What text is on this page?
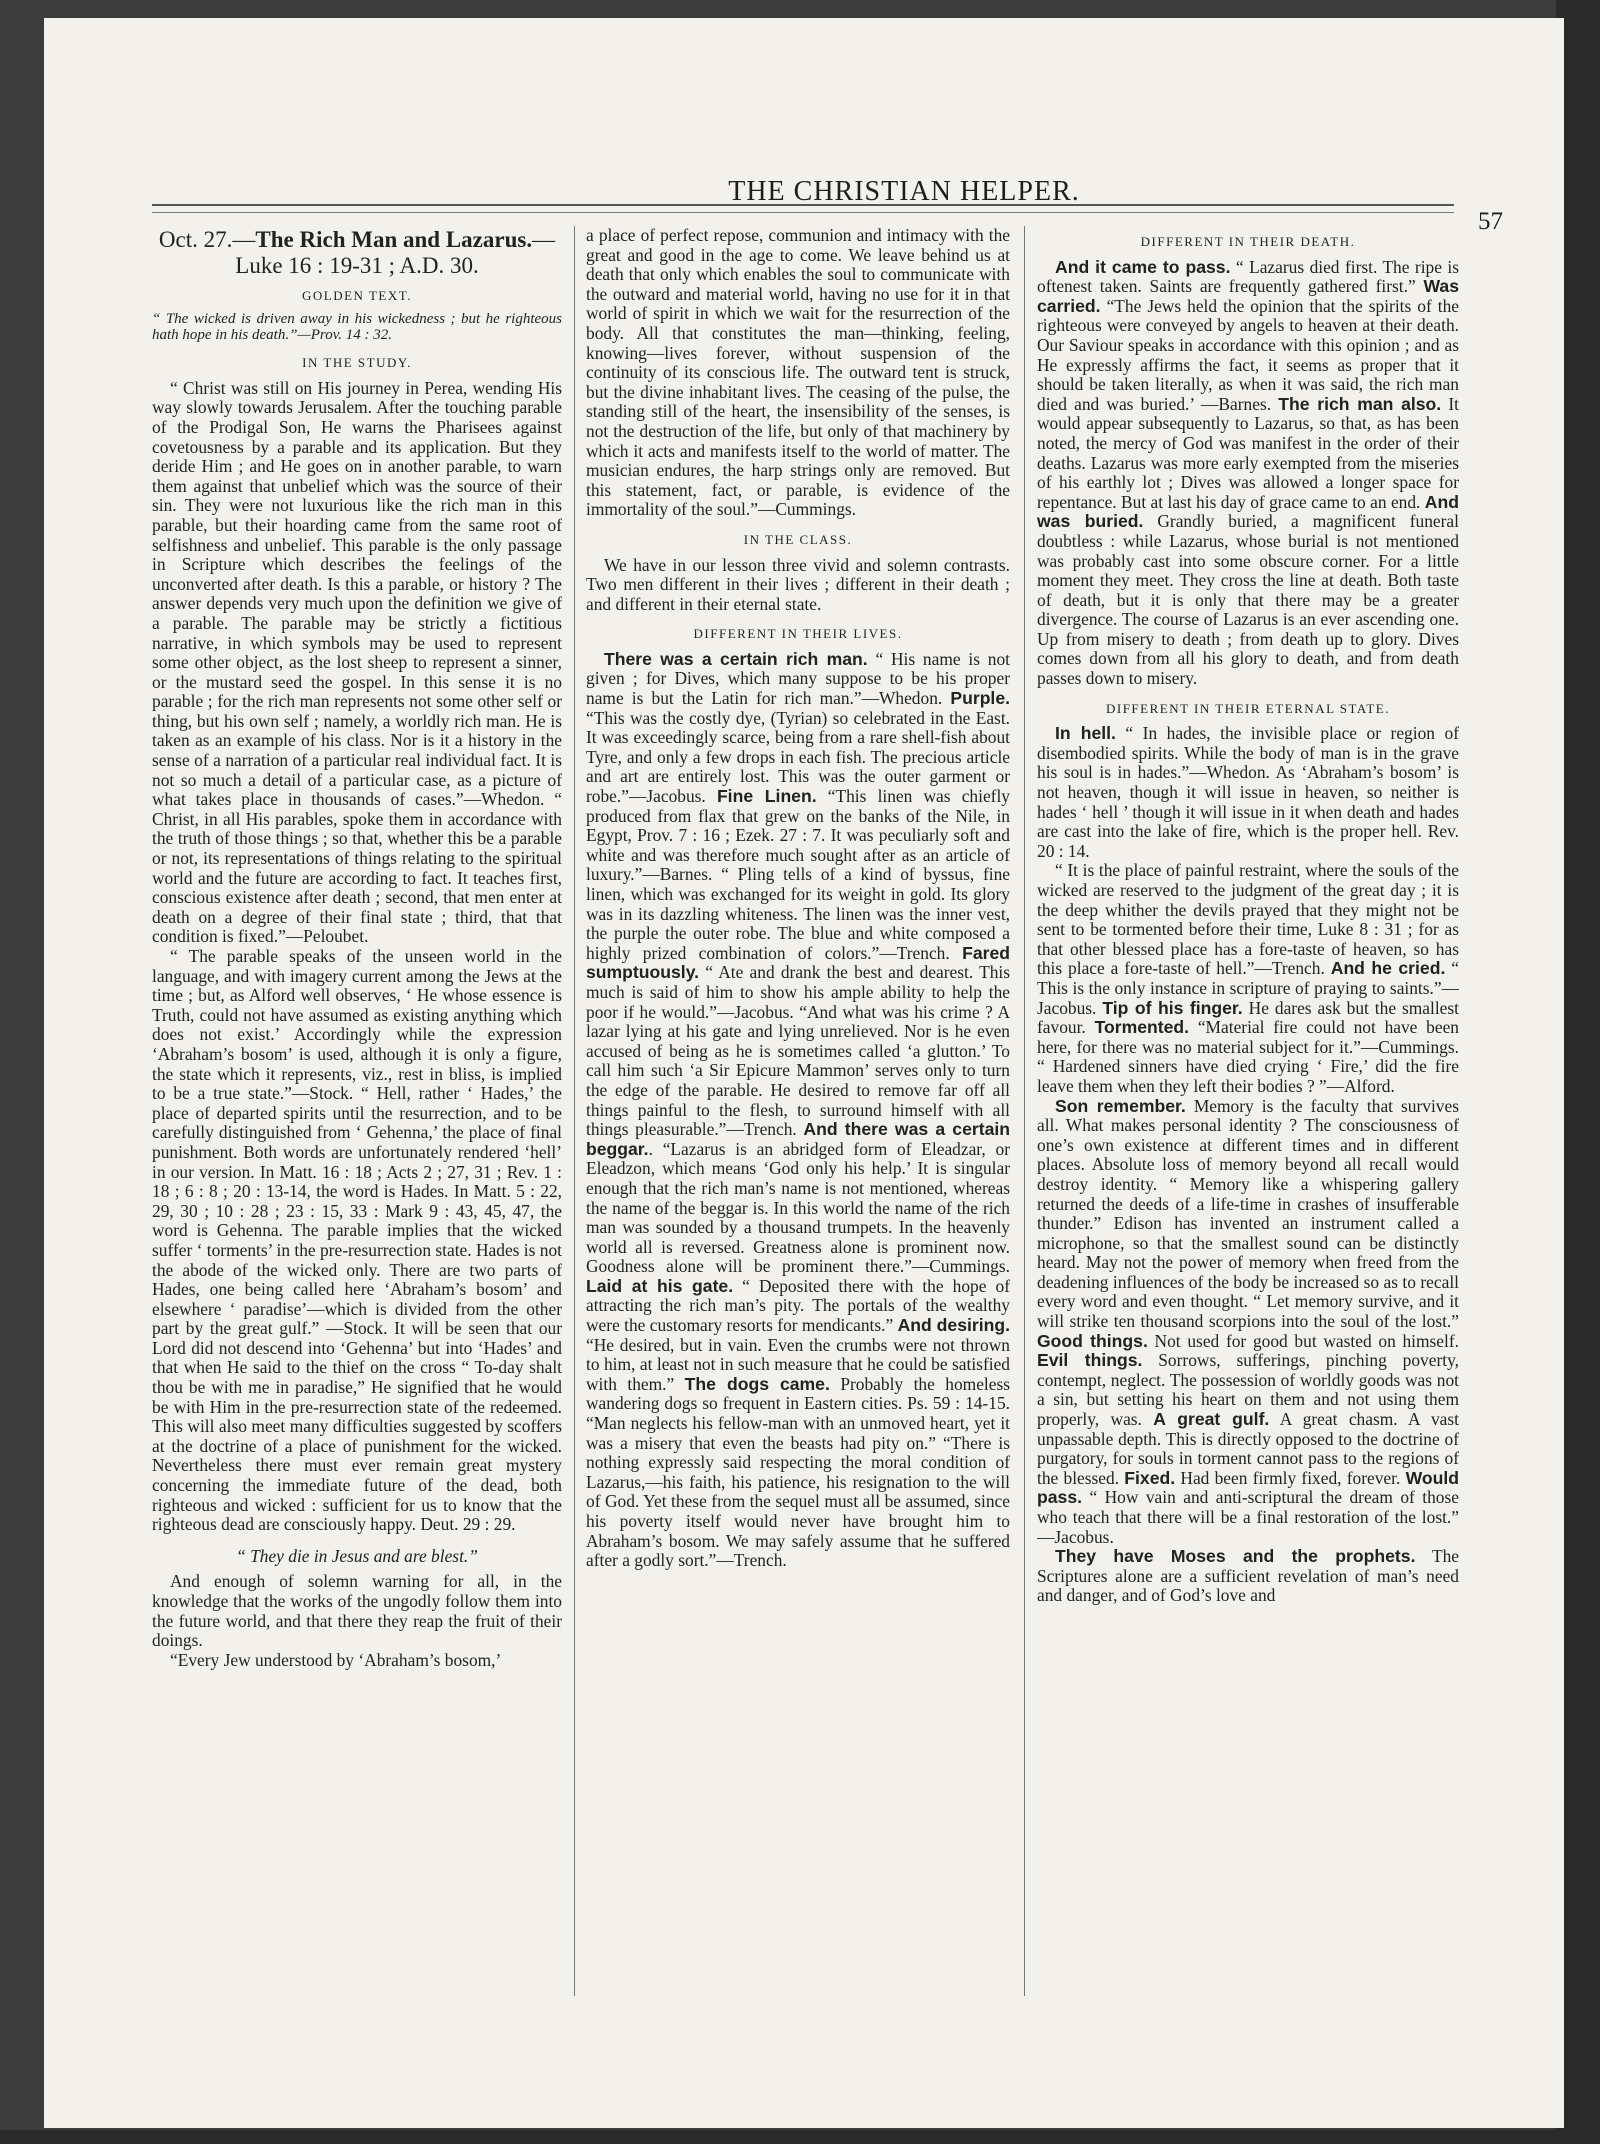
THE CHRISTIAN HELPER.
57
Oct. 27.—The Rich Man and Lazarus.—
Luke 16 : 19-31 ; A.D. 30.
GOLDEN TEXT.
“ The wicked is driven away in his wickedness ; but he righteous hath hope in his death.”—Prov. 14 : 32.
IN THE STUDY.

“ Christ was still on His journey in Perea, wending His way slowly towards Jerusalem. After the touching parable of the Prodigal Son, He warns the Pharisees against covetousness by a parable and its application. But they deride Him ; and He goes on in another parable, to warn them against that unbelief which was the source of their sin. They were not luxurious like the rich man in this parable, but their hoarding came from the same root of selfishness and unbelief. This parable is the only passage in Scripture which describes the feelings of the unconverted after death. Is this a parable, or history ? The answer depends very much upon the definition we give of a parable. The parable may be strictly a fictitious narrative, in which symbols may be used to represent some other object, as the lost sheep to represent a sinner, or the mustard seed the gospel. In this sense it is no parable ; for the rich man represents not some other self or thing, but his own self ; namely, a worldly rich man. He is taken as an example of his class. Nor is it a history in the sense of a narration of a particular real individual fact. It is not so much a detail of a particular case, as a picture of what takes place in thousands of cases.”—Whedon. “ Christ, in all His parables, spoke them in accordance with the truth of those things ; so that, whether this be a parable or not, its representations of things relating to the spiritual world and the future are according to fact. It teaches first, conscious existence after death ; second, that men enter at death on a degree of their final state ; third, that that condition is fixed.”—Peloubet.

“ The parable speaks of the unseen world in the language, and with imagery current among the Jews at the time ; but, as Alford well observes, ‘ He whose essence is Truth, could not have assumed as existing anything which does not exist.’ Accordingly while the expression ‘Abraham’s bosom’ is used, although it is only a figure, the state which it represents, viz., rest in bliss, is implied to be a true state.”—Stock. “ Hell, rather ‘ Hades,’ the place of departed spirits until the resurrection, and to be carefully distinguished from ‘ Gehenna,’ the place of final punishment. Both words are unfortunately rendered ‘hell’ in our version. In Matt. 16 : 18 ; Acts 2 ; 27, 31 ; Rev. 1 : 18 ; 6 : 8 ; 20 : 13-14, the word is Hades. In Matt. 5 : 22, 29, 30 ; 10 : 28 ; 23 : 15, 33 : Mark 9 : 43, 45, 47, the word is Gehenna. The parable implies that the wicked suffer ‘ torments’ in the pre-resurrection state. Hades is not the abode of the wicked only. There are two parts of Hades, one being called here ‘Abraham’s bosom’ and elsewhere ‘ paradise’—which is divided from the other part by the great gulf.” —Stock. It will be seen that our Lord did not descend into ‘Gehenna’ but into ‘Hades’ and that when He said to the thief on the cross “ To-day shalt thou be with me in paradise,” He signified that he would be with Him in the pre-resurrection state of the redeemed. This will also meet many difficulties suggested by scoffers at the doctrine of a place of punishment for the wicked. Nevertheless there must ever remain great mystery concerning the immediate future of the dead, both righteous and wicked : sufficient for us to know that the righteous dead are consciously happy. Deut. 29 : 29.

“ They die in Jesus and are blest.”

And enough of solemn warning for all, in the knowledge that the works of the ungodly follow them into the future world, and that there they reap the fruit of their doings.

“Every Jew understood by ‘Abraham’s bosom,’

a place of perfect repose, communion and intimacy with the great and good in the age to come. We leave behind us at death that only which enables the soul to communicate with the outward and material world, having no use for it in that world of spirit in which we wait for the resurrection of the body. All that constitutes the man—thinking, feeling, knowing—lives forever, without suspension of the continuity of its conscious life. The outward tent is struck, but the divine inhabitant lives. The ceasing of the pulse, the standing still of the heart, the insensibility of the senses, is not the destruction of the life, but only of that machinery by which it acts and manifests itself to the world of matter. The musician endures, the harp strings only are removed. But this statement, fact, or parable, is evidence of the immortality of the soul.”—Cummings.

IN THE CLASS.

We have in our lesson three vivid and solemn contrasts. Two men different in their lives ; different in their death ; and different in their eternal state.

DIFFERENT IN THEIR LIVES.

There was a certain rich man. “ His name is not given ; for Dives, which many suppose to be his proper name is but the Latin for rich man.”—Whedon. Purple. “This was the costly dye, (Tyrian) so celebrated in the East. It was exceedingly scarce, being from a rare shell-fish about Tyre, and only a few drops in each fish. The precious article and art are entirely lost. This was the outer garment or robe.”—Jacobus. Fine Linen. “This linen was chiefly produced from flax that grew on the banks of the Nile, in Egypt, Prov. 7 : 16 ; Ezek. 27 : 7. It was peculiarly soft and white and was therefore much sought after as an article of luxury.”—Barnes. “ Pling tells of a kind of byssus, fine linen, which was exchanged for its weight in gold. Its glory was in its dazzling whiteness. The linen was the inner vest, the purple the outer robe. The blue and white composed a highly prized combination of colors.”—Trench. Fared sumptuously. “ Ate and drank the best and dearest. This much is said of him to show his ample ability to help the poor if he would.”—Jacobus. “And what was his crime ? A lazar lying at his gate and lying unrelieved. Nor is he even accused of being as he is sometimes called ‘a glutton.’ To call him such ‘a Sir Epicure Mammon’ serves only to turn the edge of the parable. He desired to remove far off all things painful to the flesh, to surround himself with all things pleasurable.”—Trench. And there was a certain beggar.. “Lazarus is an abridged form of Eleadzar, or Eleadzon, which means ‘God only his help.’ It is singular enough that the rich man’s name is not mentioned, whereas the name of the beggar is. In this world the name of the rich man was sounded by a thousand trumpets. In the heavenly world all is reversed. Greatness alone is prominent now. Goodness alone will be prominent there.”—Cummings. Laid at his gate. “ Deposited there with the hope of attracting the rich man’s pity. The portals of the wealthy were the customary resorts for mendicants.” And desiring. “He desired, but in vain. Even the crumbs were not thrown to him, at least not in such measure that he could be satisfied with them.” The dogs came. Probably the homeless wandering dogs so frequent in Eastern cities. Ps. 59 : 14-15. “Man neglects his fellow-man with an unmoved heart, yet it was a misery that even the beasts had pity on.” “There is nothing expressly said respecting the moral condition of Lazarus,—his faith, his patience, his resignation to the will of God. Yet these from the sequel must all be assumed, since his poverty itself would never have brought him to Abraham’s bosom. We may safely assume that he suffered after a godly sort.”—Trench.

DIFFERENT IN THEIR DEATH.

And it came to pass. “ Lazarus died first. The ripe is oftenest taken. Saints are frequently gathered first.” Was carried. “The Jews held the opinion that the spirits of the righteous were conveyed by angels to heaven at their death. Our Saviour speaks in accordance with this opinion ; and as He expressly affirms the fact, it seems as proper that it should be taken literally, as when it was said, the rich man died and was buried.’ —Barnes. The rich man also. It would appear subsequently to Lazarus, so that, as has been noted, the mercy of God was manifest in the order of their deaths. Lazarus was more early exempted from the miseries of his earthly lot ; Dives was allowed a longer space for repentance. But at last his day of grace came to an end. And was buried. Grandly buried, a magnificent funeral doubtless : while Lazarus, whose burial is not mentioned was probably cast into some obscure corner. For a little moment they meet. They cross the line at death. Both taste of death, but it is only that there may be a greater divergence. The course of Lazarus is an ever ascending one. Up from misery to death ; from death up to glory. Dives comes down from all his glory to death, and from death passes down to misery.

DIFFERENT IN THEIR ETERNAL STATE.

In hell. “ In hades, the invisible place or region of disembodied spirits. While the body of man is in the grave his soul is in hades.”—Whedon. As ‘Abraham’s bosom’ is not heaven, though it will issue in heaven, so neither is hades ‘ hell ’ though it will issue in it when death and hades are cast into the lake of fire, which is the proper hell. Rev. 20 : 14.

“ It is the place of painful restraint, where the souls of the wicked are reserved to the judgment of the great day ; it is the deep whither the devils prayed that they might not be sent to be tormented before their time, Luke 8 : 31 ; for as that other blessed place has a fore-taste of heaven, so has this place a fore-taste of hell.”—Trench. And he cried. “ This is the only instance in scripture of praying to saints.”—Jacobus. Tip of his finger. He dares ask but the smallest favour. Tormented. “Material fire could not have been here, for there was no material subject for it.”—Cummings. “ Hardened sinners have died crying ‘ Fire,’ did the fire leave them when they left their bodies ? ”—Alford.

Son remember. Memory is the faculty that survives all. What makes personal identity ? The consciousness of one’s own existence at different times and in different places. Absolute loss of memory beyond all recall would destroy identity. “ Memory like a whispering gallery returned the deeds of a life-time in crashes of insufferable thunder.” Edison has invented an instrument called a microphone, so that the smallest sound can be distinctly heard. May not the power of memory when freed from the deadening influences of the body be increased so as to recall every word and even thought. “ Let memory survive, and it will strike ten thousand scorpions into the soul of the lost.” Good things. Not used for good but wasted on himself. Evil things. Sorrows, sufferings, pinching poverty, contempt, neglect. The possession of worldly goods was not a sin, but setting his heart on them and not using them properly, was. A great gulf. A great chasm. A vast unpassable depth. This is directly opposed to the doctrine of purgatory, for souls in torment cannot pass to the regions of the blessed. Fixed. Had been firmly fixed, forever. Would pass. “ How vain and anti-scriptural the dream of those who teach that there will be a final restoration of the lost.” —Jacobus.

They have Moses and the prophets. The Scriptures alone are a sufficient revelation of man’s need and danger, and of God’s love and
